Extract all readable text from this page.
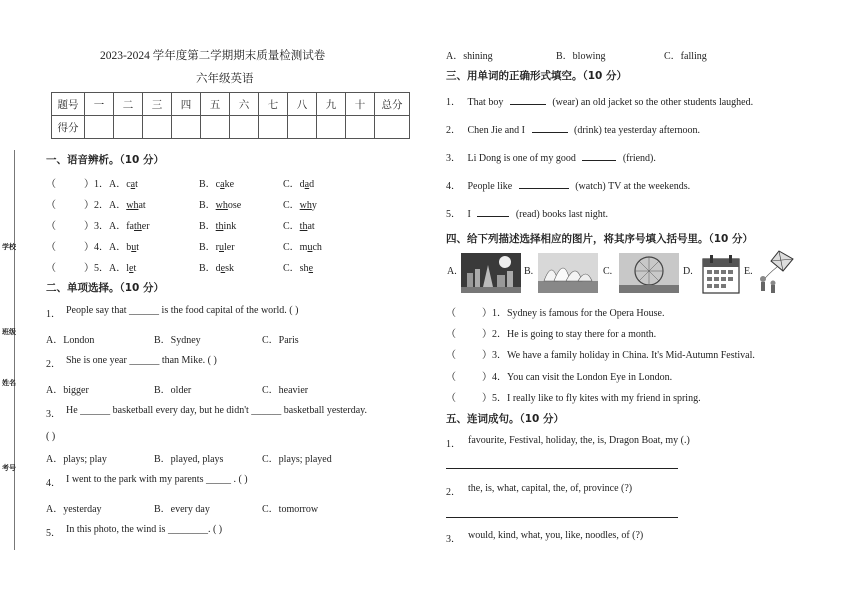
学校
班级
姓名
考号
2023-2024 学年度第二学期期末质量检测试卷
六年级英语
题号	一	二	三	四	五	六	七	八	九	十	总分
得分											
一、语音辨析。（10 分）
（	）1．A．cat	B．cake	C．dad
（	）2．A．what	B．whose	C．why
（	）3．A．father	B．think	C．that
（	）4．A．but	B．ruler	C．much
（	）5．A．let	B．desk	C．she
二、单项选择。（10 分）
1． People say that ______ is the food capital of the world. ( )
A．London	B．Sydney	C．Paris
2． She is one year ______ than Mike. ( )
A．bigger	B．older	C．heavier
3． He ______ basketball every day, but he didn't ______ basketball yesterday.
( )
A．plays; play	B．played, plays	C．plays; played
4． I went to the park with my parents _____ . ( )
A．yesterday	B．every day	C．tomorrow
5． In this photo, the wind is ________. ( )
A．shining	B．blowing	C．falling
三、用单词的正确形式填空。（10 分）
1． That boy	(wear) an old jacket so the other students laughed.
2． Chen Jie and I	(drink) tea yesterday afternoon.
3． Li Dong is one of my good	(friend).
4． People like	(watch) TV at the weekends.
5． I	(read) books last night.
四、给下列描述选择相应的图片，将其序号填入括号里。（10 分）
A.	B.	C.	D.	E.
（	）1．Sydney is famous for the Opera House.
（	）2．He is going to stay there for a month.
（	）3．We have a family holiday in China. It's Mid-Autumn Festival.
（	）4．You can visit the London Eye in London.
（	）5．I really like to fly kites with my friend in spring.
五、连词成句。（10 分）
1． favourite, Festival, holiday, the, is, Dragon Boat, my (.)
2． the, is, what, capital, the, of, province (?)
3． would, kind, what, you, like, noodles, of (?)
